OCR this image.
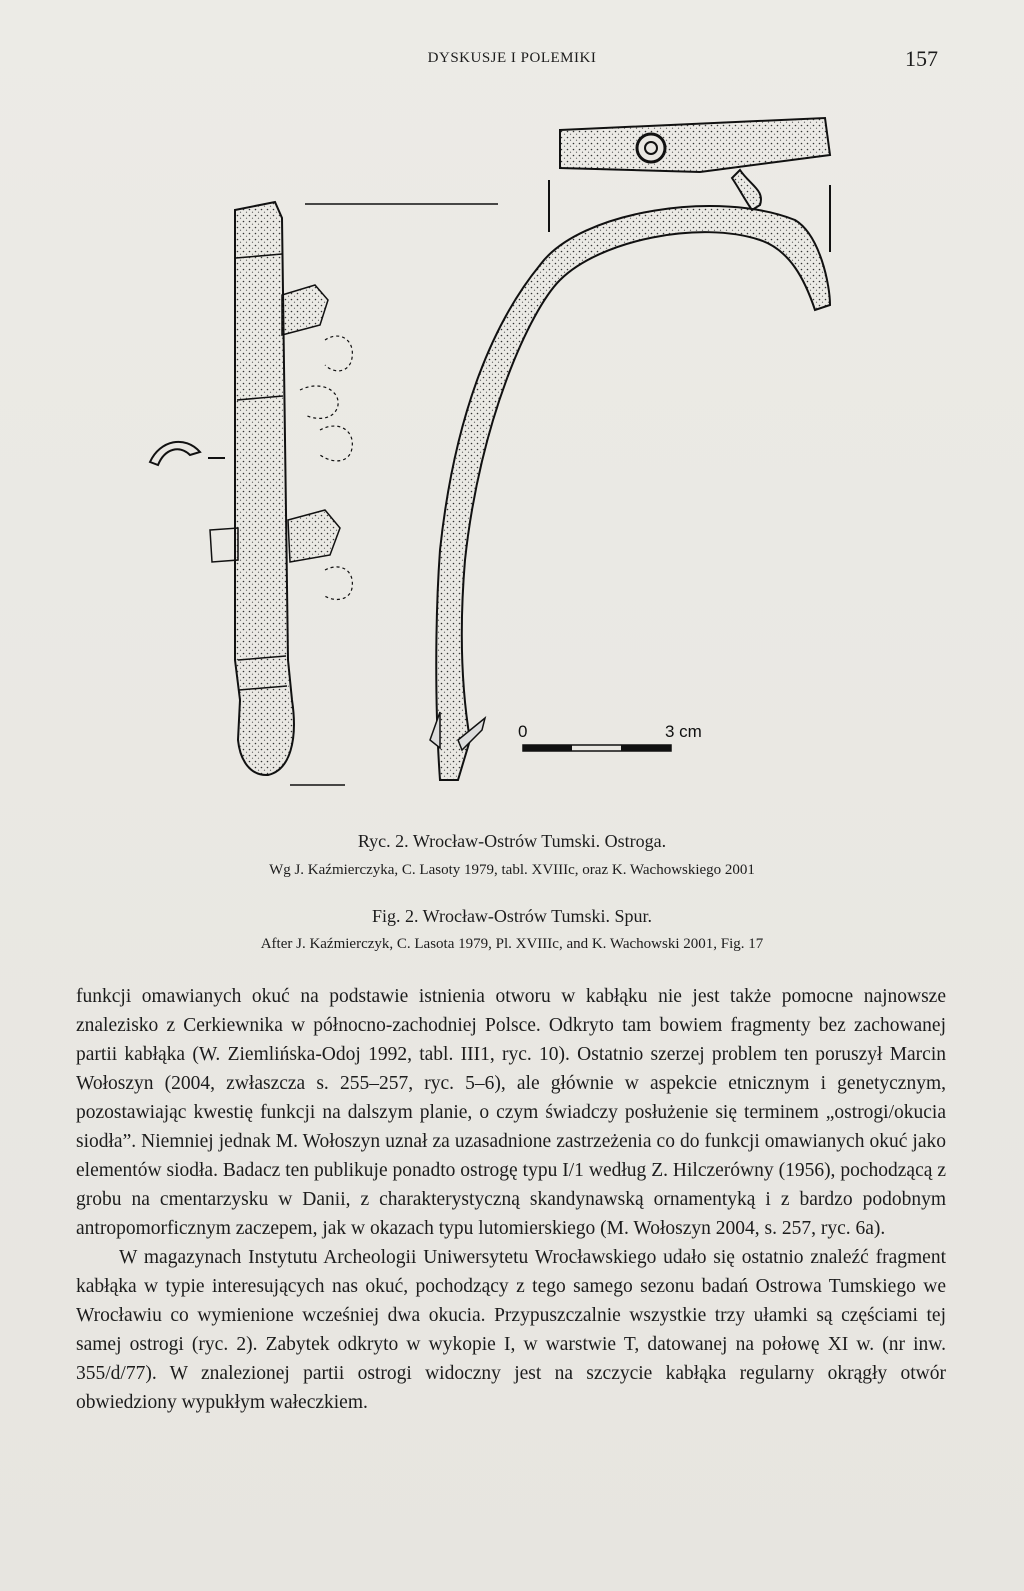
DYSKUSJE I POLEMIKI	157
0	3 cm
Ryc. 2. Wrocław-Ostrów Tumski. Ostroga.
Wg J. Kaźmierczyka, C. Lasoty 1979, tabl. XVIIIc, oraz K. Wachowskiego 2001
Fig. 2. Wrocław-Ostrów Tumski. Spur.
After J. Kaźmierczyk, C. Lasota 1979, Pl. XVIIIc, and K. Wachowski 2001, Fig. 17

funkcji omawianych okuć na podstawie istnienia otworu w kabłąku nie jest także pomocne najnowsze znalezisko z Cerkiewnika w północno-zachodniej Polsce. Odkryto tam bowiem fragmenty bez zachowanej partii kabłąka (W. Ziemlińska-Odoj 1992, tabl. III1, ryc. 10). Ostatnio szerzej problem ten poruszył Marcin Wołoszyn (2004, zwłaszcza s. 255–257, ryc. 5–6), ale głównie w aspekcie etnicznym i genetycznym, pozostawiając kwestię funkcji na dalszym planie, o czym świadczy posłużenie się terminem „ostrogi/okucia siodła”. Niemniej jednak M. Wołoszyn uznał za uzasadnione zastrzeżenia co do funkcji omawianych okuć jako elementów siodła. Badacz ten publikuje ponadto ostrogę typu I/1 według Z. Hilczerówny (1956), pochodzącą z grobu na cmentarzysku w Danii, z charakterystyczną skandynawską ornamentyką i z bardzo podobnym antropomorficznym zaczepem, jak w okazach typu lutomierskiego (M. Wołoszyn 2004, s. 257, ryc. 6a).

W magazynach Instytutu Archeologii Uniwersytetu Wrocławskiego udało się ostatnio znaleźć fragment kabłąka w typie interesujących nas okuć, pochodzący z tego samego sezonu badań Ostrowa Tumskiego we Wrocławiu co wymienione wcześniej dwa okucia. Przypuszczalnie wszystkie trzy ułamki są częściami tej samej ostrogi (ryc. 2). Zabytek odkryto w wykopie I, w warstwie T, datowanej na połowę XI w. (nr inw. 355/d/77). W znalezionej partii ostrogi widoczny jest na szczycie kabłąka regularny okrągły otwór obwiedziony wypukłym wałeczkiem.
